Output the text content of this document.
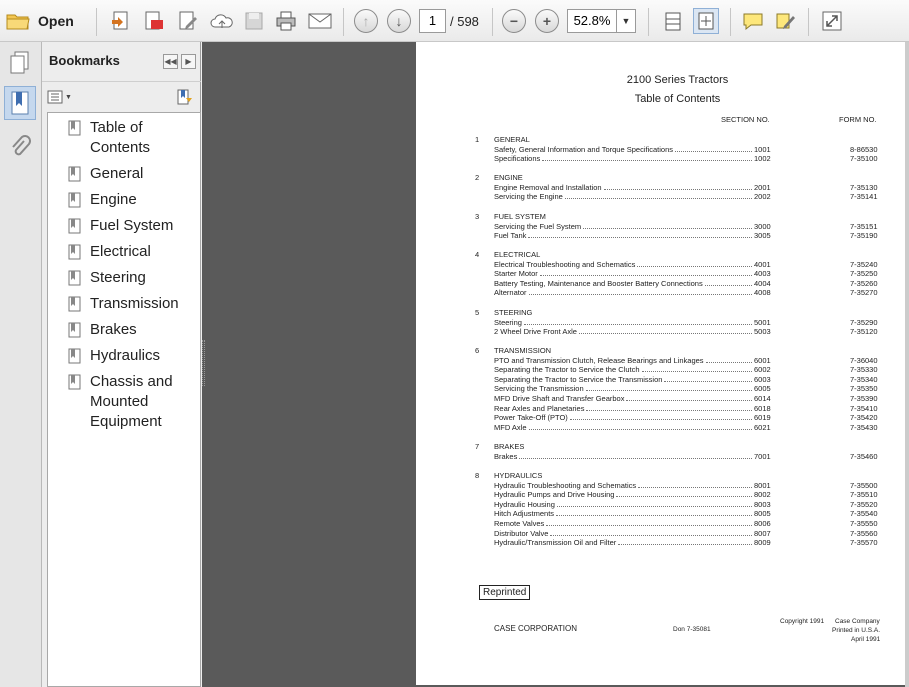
Open	↑	↓	1	/ 598	−	+	52.8%	▼
Bookmarks	◀◀ ▶
▼
Table of Contents
General
Engine
Fuel System
Electrical
Steering
Transmission
Brakes
Hydraulics
Chassis and Mounted Equipment
2100 Series Tractors
Table of Contents
SECTION NO.	FORM NO.
1 GENERAL
Safety, General Information and Torque Specifications	1001	8-86530
Specifications	1002	7-35100
2 ENGINE
Engine Removal and Installation	2001	7-35130
Servicing the Engine	2002	7-35141
3 FUEL SYSTEM
Servicing the Fuel System	3000	7-35151
Fuel Tank	3005	7-35190
4 ELECTRICAL
Electrical Troubleshooting and Schematics	4001	7-35240
Starter Motor	4003	7-35250
Battery Testing, Maintenance and Booster Battery Connections	4004	7-35260
Alternator	4008	7-35270
5 STEERING
Steering	5001	7-35290
2 Wheel Drive Front Axle	5003	7-35120
6 TRANSMISSION
PTO and Transmission Clutch, Release Bearings and Linkages	6001	7-36040
Separating the Tractor to Service the Clutch	6002	7-35330
Separating the Tractor to Service the Transmission	6003	7-35340
Servicing the Transmission	6005	7-35350
MFD Drive Shaft and Transfer Gearbox	6014	7-35390
Rear Axles and Planetaries	6018	7-35410
Power Take-Off (PTO)	6019	7-35420
MFD Axle	6021	7-35430
7 BRAKES
Brakes	7001	7-35460
8 HYDRAULICS
Hydraulic Troubleshooting and Schematics	8001	7-35500
Hydraulic Pumps and Drive Housing	8002	7-35510
Hydraulic Housing	8003	7-35520
Hitch Adjustments	8005	7-35540
Remote Valves	8006	7-35550
Distributor Valve	8007	7-35560
Hydraulic/Transmission Oil and Filter	8009	7-35570
Reprinted
CASE CORPORATION	Don 7-35081
Copyright 1991 Case Company
Printed in U.S.A.
April 1991
